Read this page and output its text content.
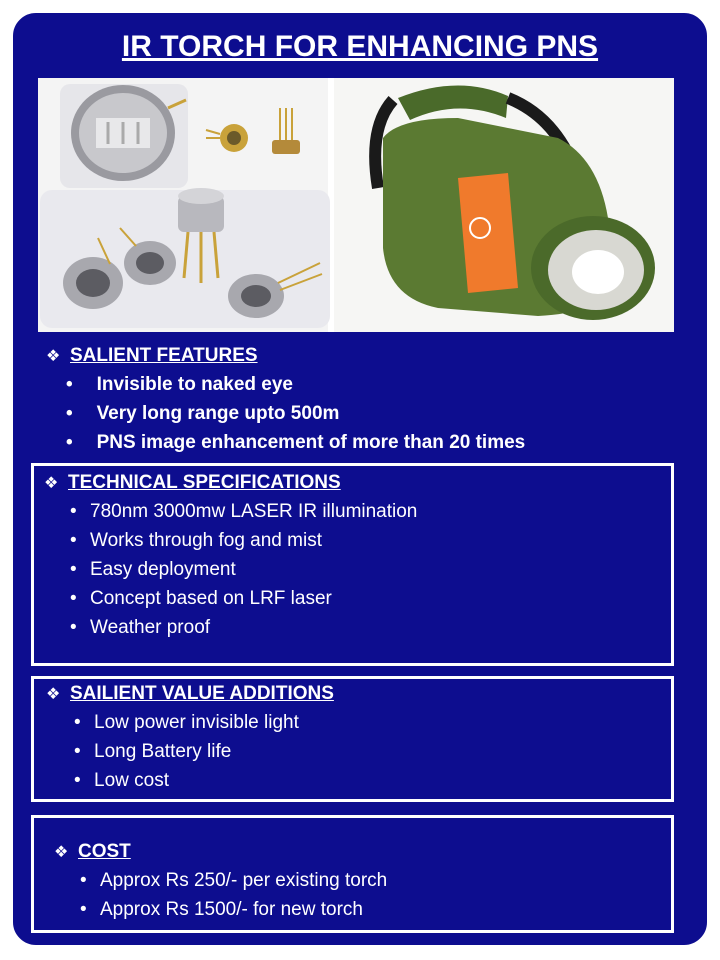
IR TORCH FOR ENHANCING PNS
❖ SALIENT FEATURES
• Invisible to naked eye
• Very long range upto 500m
• PNS image enhancement of more than 20 times
❖ TECHNICAL SPECIFICATIONS
• 780nm 3000mw LASER IR illumination
• Works through fog and mist
• Easy deployment
• Concept based on LRF laser
• Weather proof
❖ SAILIENT VALUE ADDITIONS
• Low power invisible light
• Long Battery life
• Low cost
❖ COST
• Approx Rs 250/- per existing torch
• Approx Rs 1500/- for new torch
